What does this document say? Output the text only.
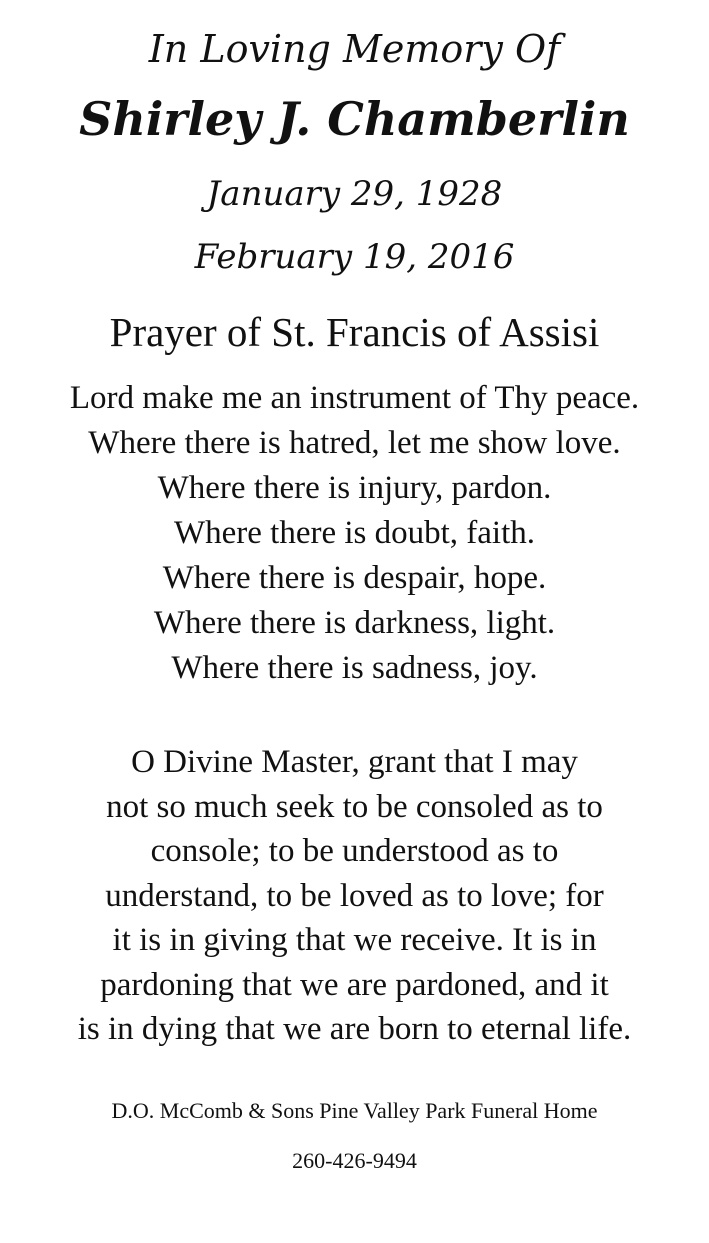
In Loving Memory Of
Shirley J. Chamberlin
January 29, 1928
February 19, 2016
Prayer of St. Francis of Assisi
Lord make me an instrument of Thy peace.
Where there is hatred, let me show love.
Where there is injury, pardon.
Where there is doubt, faith.
Where there is despair, hope.
Where there is darkness, light.
Where there is sadness, joy.
O Divine Master, grant that I may
not so much seek to be consoled as to
console; to be understood as to
understand, to be loved as to love; for
it is in giving that we receive. It is in
pardoning that we are pardoned, and it
is in dying that we are born to eternal life.
D.O. McComb & Sons Pine Valley Park Funeral Home
260-426-9494
